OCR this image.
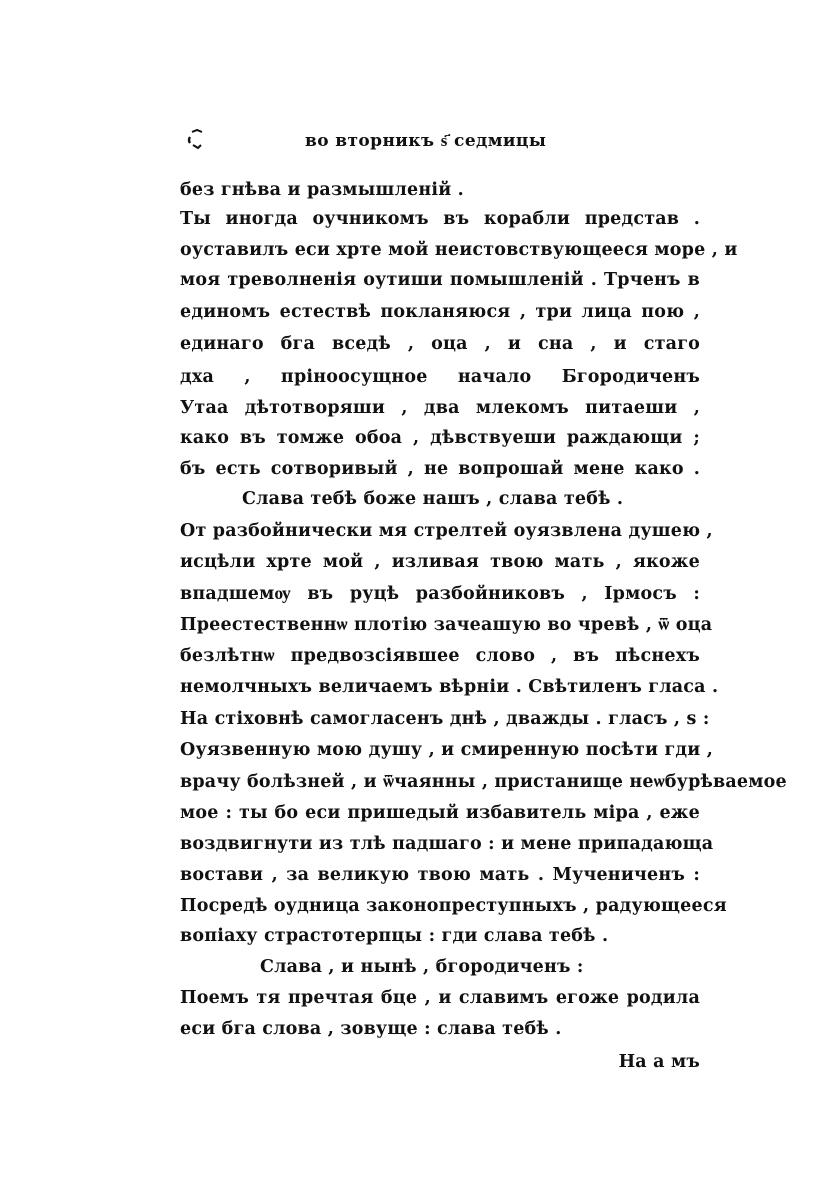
во вторникъ ѕ҃ седмицы
без гнѣва и размышленій .
Ты иногда оучникомъ въ корабли представ .
оуставилъ еси хрте мой неистовствующееся море , и
моя треволненія оутиши помышленій . Трченъ в
единомъ естествѣ покланяюся , три лица пою ,
единаго бга вседѣ , оца , и сна , и стаго
дха , пріноосущное начало Бгородиченъ
Утаа дѣтотворяши , два млекомъ питаеши ,
како въ томже обоа , дѣвствуеши раждающи ;
бъ есть сотворивый , не вопрошай мене како .
Слава тебѣ боже нашъ , слава тебѣ .
От разбойнически мя стрелтей оуязвлена душею ,
исцѣли хрте мой , изливая твою мать , якоже
впадшемѹ въ руцѣ разбойниковъ , Ірмосъ :
Преестественнѡ плотію зачеашую во чревѣ , ѿ оца
безлѣтнѡ предвозсіявшее слово , въ пѣснехъ
немолчныхъ величаемъ вѣрніи . Свѣтиленъ гласа .
На стіховнѣ самогласенъ днѣ , дважды . гласъ , ѕ :
Оуязвенную мою душу , и смиренную посѣти гди ,
врачу болѣзней , и ѿчаянны , пристанище неѡбурѣваемое
мое : ты бо еси пришедый избавитель міра , еже
воздвигнути из тлѣ падшаго : и мене припадающа
востави , за великую твою мать . Мучениченъ :
Посредѣ оудница законопреступныхъ , радующееся
вопіаху страстотерпцы : гди слава тебѣ .
Слава , и нынѣ , бгородиченъ :
Поемъ тя пречтая бце , и славимъ егоже родила
еси бга слова , зовуще : слава тебѣ .
На а мъ
